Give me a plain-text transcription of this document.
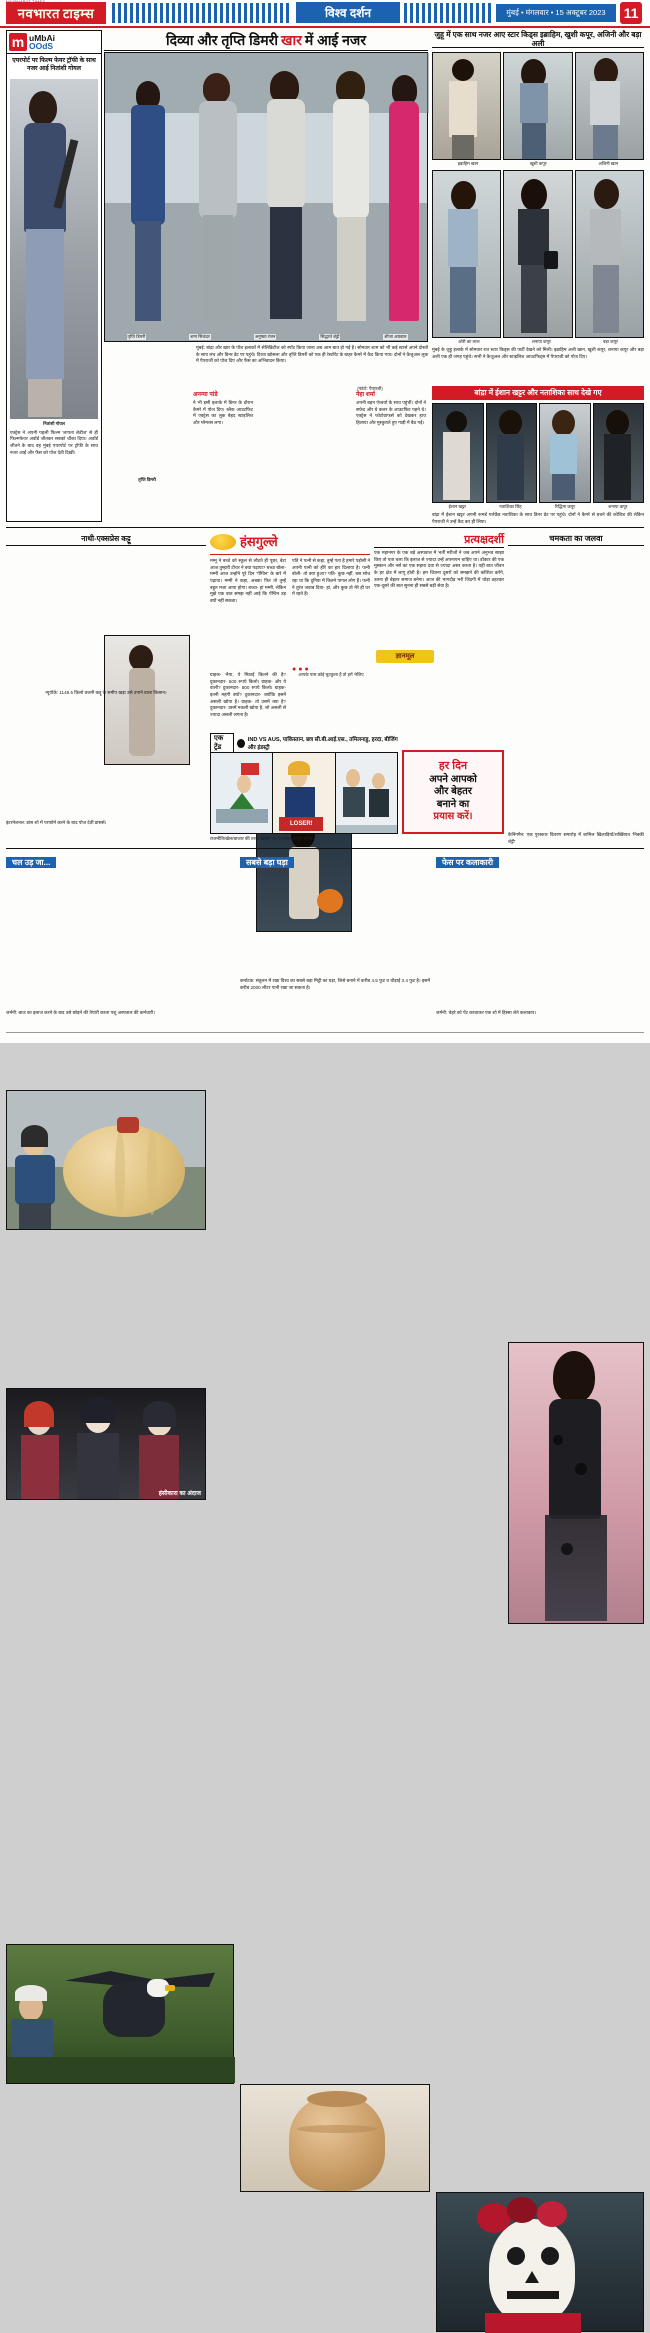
नवभारत टाइम्स	विश्व दर्शन	मुंबई • मंगलवार • 15 अक्टूबर 2023	11
m uMbAi
OOdS
एयरपोर्ट पर फिल्म फेयर ट्रॉफी के साथ नजर आई नितांशी गोयल
नितांशी गोयल
एक्ट्रेस ने अपनी पहली फिल्म 'लापता लेडीज' से ही फिल्मफेयर अवॉर्ड जीतकर सबको चौंका दिया। अवॉर्ड जीतने के बाद वह मुंबई एयरपोर्ट पर ट्रॉफी के साथ नजर आईं और फैंस को पोज देती दिखीं।
दिव्या और तृप्ति डिमरी खार में आई नजर
तृप्ति डिमरी	शमा सिकंदर	अनुष्का रंजन	सिद्धार्थ शेट्टी	शीजा अग्रवाल
मुंबई: बांद्रा और खार के पॉश इलाकों में सेलिब्रिटीज को स्पॉट किया जाना अब आम बात हो गई है। सोमवार शाम को भी कई स्टार्स अपने दोस्तों के साथ लंच और डिनर डेट पर पहुंचे। दिव्या खोसला और तृप्ति डिमरी को एक ही रेस्टोरेंट के बाहर कैमरे में कैद किया गया। दोनों ने कैजुअल लुक में पैपराजी को पोज दिए और फैंस का अभिवादन किया।
(फोटो: पैपराजी)
तृप्ति डिमरी
अनन्या पांडे
ने भी इसी इलाके में डिनर के दौरान कैमरे में पोज दिए। ब्लैक आउटफिट में एक्ट्रेस का लुक बेहद स्टाइलिश और ग्लैमरस लगा।
नेहा शर्मा
अपनी बहन ऐश्वर्या के साथ पहुंचीं। दोनों ने सफेद और ग्रे कलर के आउटफिट पहने थे। एक्ट्रेस ने फोटोग्राफर्स को देखकर हाथ हिलाया और मुस्कुराते हुए गाड़ी में बैठ गईं।
जुहू में एक साथ नजर आए स्टार किड्स इब्राहिम, खुशी कपूर, अजिनी और बड़ा अली
इब्राहिम खान	खुशी कपूर	अजिनी खान
ओरी का लाल	शनाया कपूर	बड़ा कपूर
मुंबई के जुहू इलाके में सोमवार रात स्टार किड्स की पार्टी देखने को मिली। इब्राहिम अली खान, खुशी कपूर, शनाया कपूर और बड़ा अली एक ही जगह पहुंचे। सभी ने कैजुअल और स्टाइलिश आउटफिट्स में पैपराजी को पोज दिए।
बांद्रा में ईशान खट्टर और नताशिका साथ देखे गए
ईशान खट्टर	नताशिका सिंह	रिद्धिमा कपूर	शनाया कपूर
बांद्रा में ईशान खट्टर अपनी रूमर्ड गर्लफ्रेंड नताशिका के साथ डिनर डेट पर पहुंचे। दोनों ने कैमरे से बचने की कोशिश की लेकिन पैपराजी ने उन्हें कैद कर ही लिया।
नाथी-एक्सप्रेस कट्टू
न्यूयॉर्क: 1149.5 किलो वजनी कद्दू के समीप खड़ा उसे उगाने वाला किसान।
हंसीकारा का अंदाज
इंटरनेशनल: डांस शो में परफॉर्म करने के बाद पोज देतीं डांसर्स।
हंसगुल्ले
मम्मू ने बच्चे को स्कूल से लौटते ही पूछा, बेटा आज तुम्हारी टीचर ने क्या पढ़ाया? बच्चा बोला- मम्मी आज उन्होंने पूरे दिन 'पेंग्विन' के बारे में पढ़ाया। मम्मी ने कहा, अच्छा! फिर तो तुम्हें बहुत मजा आया होगा। बच्चा- हां मम्मी, लेकिन मुझे एक बात समझ नहीं आई कि पेंग्विन उड़ क्यों नहीं सकता।
पति ने पत्नी से कहा, तुम्हें पता है हमारे पड़ोसी ने अपनी पत्नी को हीरे का हार दिलाया है। पत्नी बोली- तो क्या हुआ? पति- कुछ नहीं, बस सोच रहा था कि दुनिया में कितने पागल लोग हैं। पत्नी ने तुरंत जवाब दिया- हां, और कुछ तो मेरे ही घर में रहते हैं।
ग्राहक- भैया, ये मिठाई कितने की है? दुकानदार- 500 रुपये किलो। ग्राहक- और ये वाली? दुकानदार- 800 रुपये किलो। ग्राहक- इतनी महंगी क्यों? दुकानदार- क्योंकि इसमें असली खोया है। ग्राहक- तो उसमें क्या है? दुकानदार- उसमें नकली खोया है, जो असली से ज्यादा असली लगता है!
आपके पास कोई चुटकुला है तो हमें भेजिए
●●●
प्रत्यक्षदर्शी
एक महानगर के एक बड़े अस्पताल में भर्ती मरीजों ने जब अपने अनुभव साझा किए तो पता चला कि इलाज से ज्यादा उन्हें अपनापन चाहिए था। डॉक्टर की एक मुस्कान और नर्स का एक सहारा दवा से ज्यादा असर करता है। यही बात जीवन के हर क्षेत्र में लागू होती है। हम जितना दूसरों को समझने की कोशिश करेंगे, उतना ही बेहतर समाज बनेगा। आज की भागदौड़ भरी जिंदगी में थोड़ा ठहरकर एक-दूसरे की बात सुनना ही सबसे बड़ी सेवा है।
ज्ञानमूल
चमकता का जलवा
कैनिंगमैन: एक पुरस्कार वितरण समारोह में शामिल खिलाड़ियों/शख्सियत 'निक्की शेट्टी'
एक ट्रेंड
IND VS AUS, पाकिस्तान, छत्र सी.बी.आई.एस., तमिलनाडु, हरदा, बीजिंग और इंडस्ट्री
LOSER!
राजनीति/खेल/बाजार की ताजा खबरों पर आधारित कार्टून कोना
हर दिन
अपने आपको
और बेहतर
बनाने का
प्रयास करें।
चल उड़ जा...
जर्मनी: बाज का इलाज करने के बाद उसे छोड़ने की तैयारी करता पशु अस्पताल की कर्मचारी।
सबसे बड़ा घड़ा
कर्नाटक: संतुलन में रखा विश्व का सबसे बड़ा मिट्टी का घड़ा, जिसे बनाने में करीब 4.5 फुट व चौड़ाई 3.4 फुट है। इसमें करीब 2000 लीटर पानी रखा जा सकता है।
फेस पर कलाकारी
जर्मनी: चेहरे को पेंट करवाकर एक शो में हिस्सा लेते कलाकार।
